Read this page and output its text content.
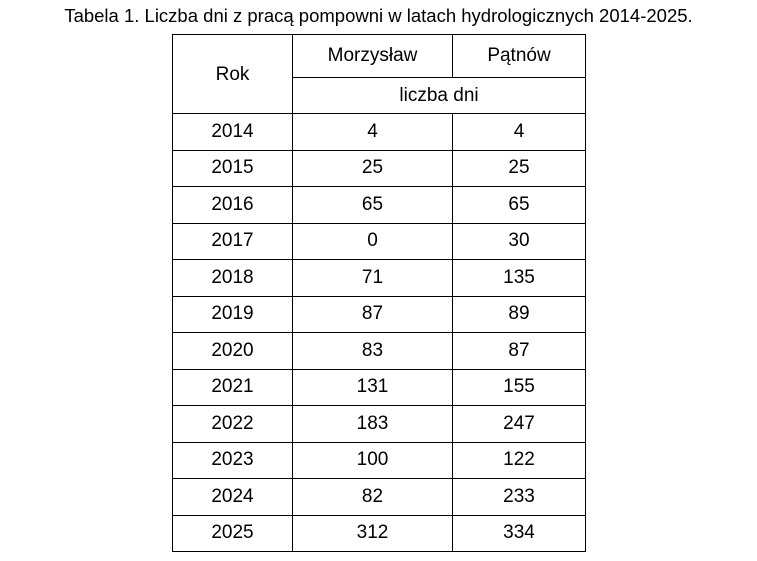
Tabela 1. Liczba dni z pracą pompowni w latach hydrologicznych 2014-2025.
Rok	Morzysław	Pątnów
	liczba dni	
2014	4	4
2015	25	25
2016	65	65
2017	0	30
2018	71	135
2019	87	89
2020	83	87
2021	131	155
2022	183	247
2023	100	122
2024	82	233
2025	312	334
